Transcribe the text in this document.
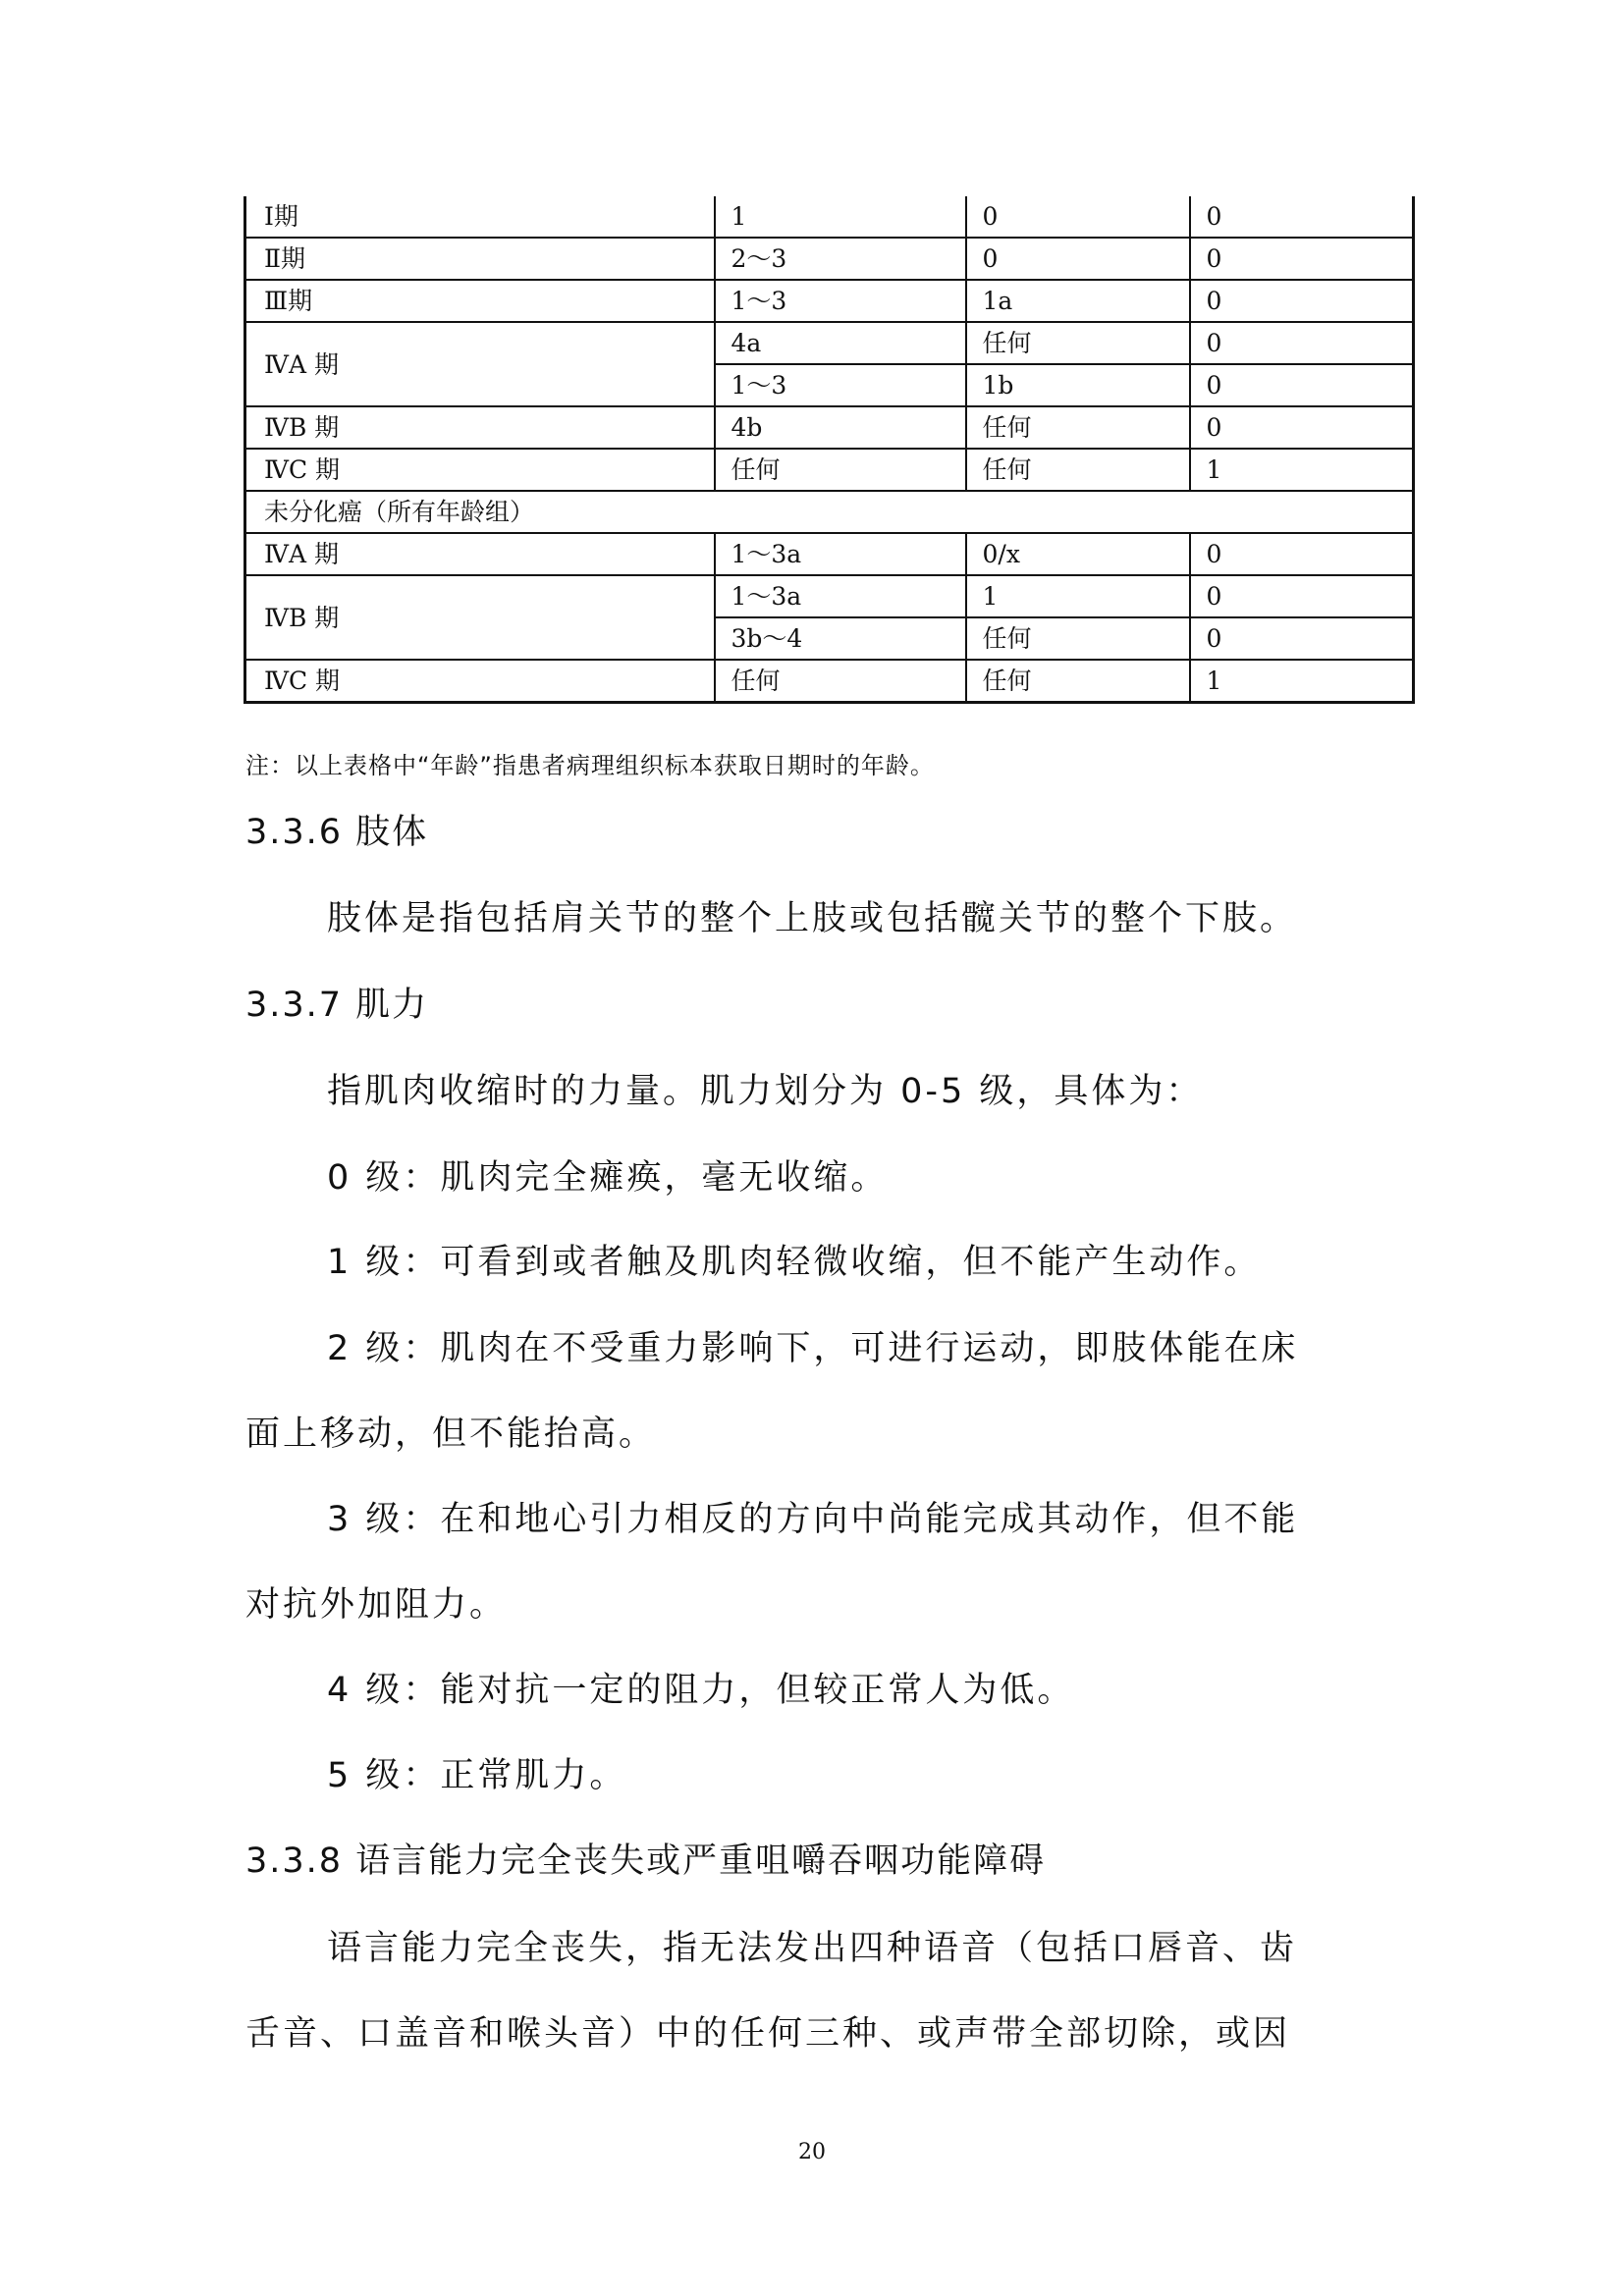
Ⅰ期	1	0	0
Ⅱ期	2～3	0	0
Ⅲ期	1～3	1a	0
ⅣA 期	4a	任何	0
	1～3	1b	0
ⅣB 期	4b	任何	0
ⅣC 期	任何	任何	1
未分化癌（所有年龄组）			
ⅣA 期	1～3a	0/x	0
ⅣB 期	1～3a	1	0
	3b～4	任何	0
ⅣC 期	任何	任何	1
注：以上表格中“年龄”指患者病理组织标本获取日期时的年龄。
3.3.6 肢体
肢体是指包括肩关节的整个上肢或包括髋关节的整个下肢。
3.3.7 肌力
指肌肉收缩时的力量。肌力划分为 0-5 级，具体为：
0 级：肌肉完全瘫痪，毫无收缩。
1 级：可看到或者触及肌肉轻微收缩，但不能产生动作。
2 级：肌肉在不受重力影响下，可进行运动，即肢体能在床
面上移动，但不能抬高。
3 级：在和地心引力相反的方向中尚能完成其动作，但不能
对抗外加阻力。
4 级：能对抗一定的阻力，但较正常人为低。
5 级：正常肌力。
3.3.8 语言能力完全丧失或严重咀嚼吞咽功能障碍
语言能力完全丧失，指无法发出四种语音（包括口唇音、齿
舌音、口盖音和喉头音）中的任何三种、或声带全部切除，或因
20
